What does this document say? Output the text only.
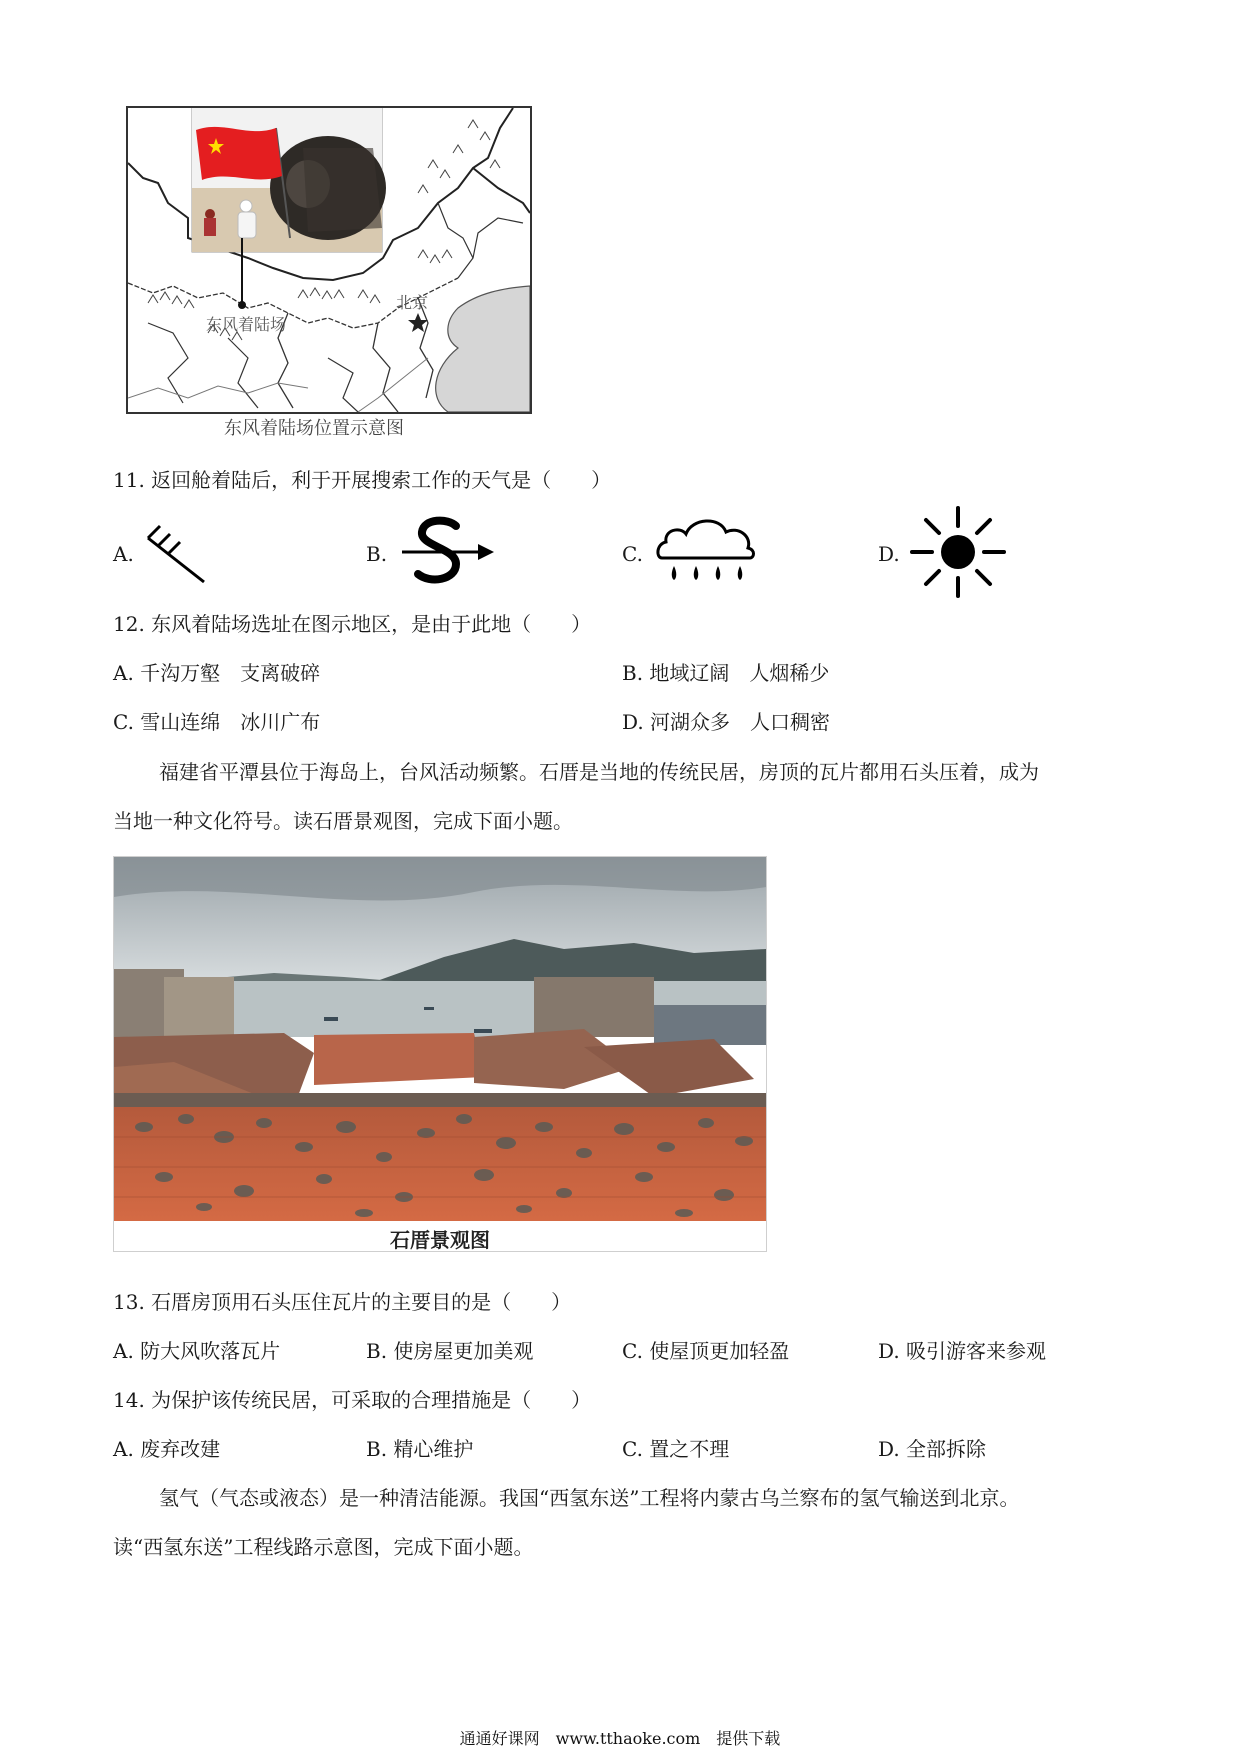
东风着陆场
北京
东风着陆场位置示意图
11. 返回舱着陆后，利于开展搜索工作的天气是（　　）
A.	B.	C.	D.
12. 东风着陆场选址在图示地区，是由于此地（　　）
A. 千沟万壑　支离破碎	B. 地域辽阔　人烟稀少
C. 雪山连绵　冰川广布	D. 河湖众多　人口稠密
福建省平潭县位于海岛上，台风活动频繁。石厝是当地的传统民居，房顶的瓦片都用石头压着，成为
当地一种文化符号。读石厝景观图，完成下面小题。
石厝景观图
13. 石厝房顶用石头压住瓦片的主要目的是（　　）
A. 防大风吹落瓦片	B. 使房屋更加美观	C. 使屋顶更加轻盈	D. 吸引游客来参观
14. 为保护该传统民居，可采取的合理措施是（　　）
A. 废弃改建	B. 精心维护	C. 置之不理	D. 全部拆除
氢气（气态或液态）是一种清洁能源。我国“西氢东送”工程将内蒙古乌兰察布的氢气输送到北京。
读“西氢东送”工程线路示意图，完成下面小题。
通通好课网　www.tthaoke.com　提供下载
